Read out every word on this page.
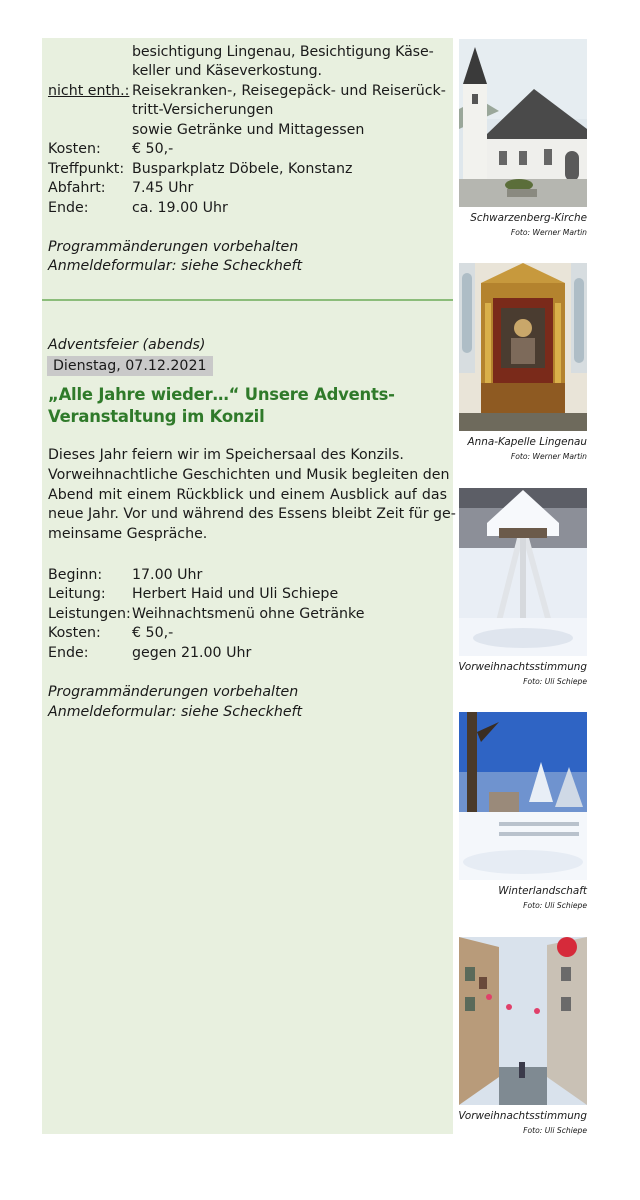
besichtigung Lingenau, Besichtigung Käse-
keller und Käseverkostung.
nicht enth.: Reisekranken-, Reisegepäck- und Reiserück-
tritt-Versicherungen
sowie Getränke und Mittagessen
Kosten: € 50,-
Treffpunkt: Busparkplatz Döbele, Konstanz
Abfahrt: 7.45 Uhr
Ende:	ca. 19.00 Uhr
Programmänderungen vorbehalten
Anmeldeformular: siehe Scheckheft
Adventsfeier (abends)
Dienstag, 07.12.2021
„Alle Jahre wieder…“ Unsere Advents-
Veranstaltung im Konzil
Dieses Jahr feiern wir im Speichersaal des Konzils.
Vorweihnachtliche Geschichten und Musik begleiten den
Abend mit einem Rückblick und einem Ausblick auf das
neue Jahr. Vor und während des Essens bleibt Zeit für ge-
meinsame Gespräche.
Beginn: 17.00 Uhr
Leitung: Herbert Haid und Uli Schiepe
Leistungen: Weihnachtsmenü ohne Getränke
Kosten: € 50,-
Ende:	gegen 21.00 Uhr
Programmänderungen vorbehalten
Anmeldeformular: siehe Scheckheft
Schwarzenberg-Kirche
Foto: Werner Martin
Anna-Kapelle Lingenau
Foto: Werner Martin
Vorweihnachtsstimmung
Foto: Uli Schiepe
Winterlandschaft
Foto: Uli Schiepe
Vorweihnachtsstimmung
Foto: Uli Schiepe
